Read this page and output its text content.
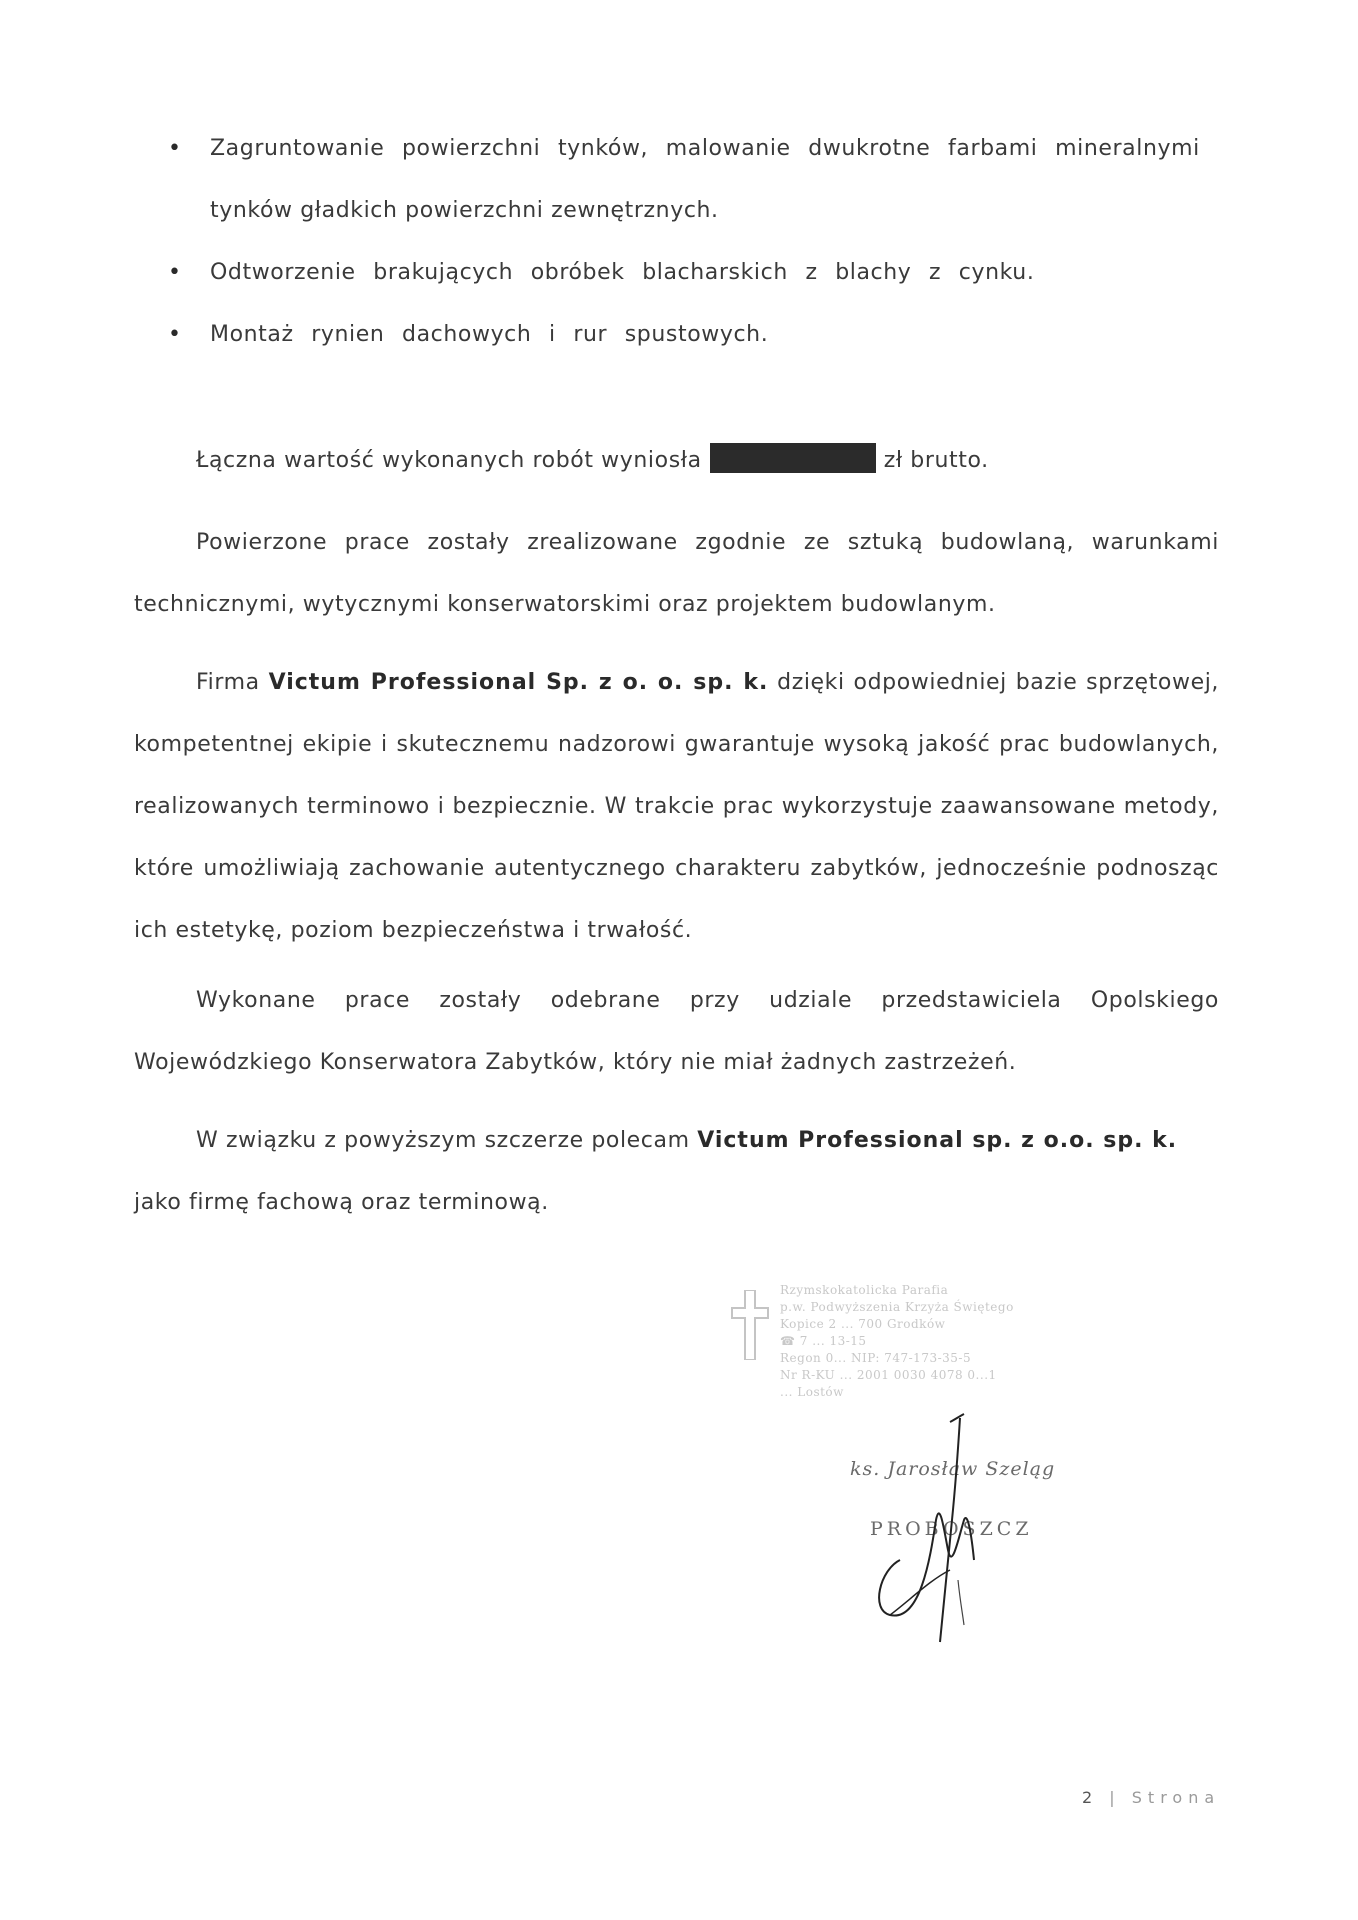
• Zagruntowanie powierzchni tynków, malowanie dwukrotne farbami mineralnymi
tynków gładkich powierzchni zewnętrznych.
• Odtworzenie brakujących obróbek blacharskich z blachy z cynku.
• Montaż rynien dachowych i rur spustowych.

Łączna wartość wykonanych robót wyniosła	zł brutto.

Powierzone prace zostały zrealizowane zgodnie ze sztuką budowlaną, warunkami technicznymi, wytycznymi konserwatorskimi oraz projektem budowlanym.

Firma Victum Professional Sp. z o. o. sp. k. dzięki odpowiedniej bazie sprzętowej, kompetentnej ekipie i skutecznemu nadzorowi gwarantuje wysoką jakość prac budowlanych, realizowanych terminowo i bezpiecznie. W trakcie prac wykorzystuje zaawansowane metody, które umożliwiają zachowanie autentycznego charakteru zabytków, jednocześnie podnosząc ich estetykę, poziom bezpieczeństwa i trwałość.

Wykonane prace zostały odebrane przy udziale przedstawiciela Opolskiego Wojewódzkiego Konserwatora Zabytków, który nie miał żadnych zastrzeżeń.

W związku z powyższym szczerze polecam Victum Professional sp. z o.o. sp. k.
jako firmę fachową oraz terminową.

Rzymskokatolicka Parafia
p.w. Podwyższenia Krzyża Świętego
Kopice 2 ... 700 Grodków
☎ 7 ... 13-15
Regon 0... NIP: 747-173-35-5
Nr R-KU ... 2001 0030 4078 0...1
... Lostów
ks. Jarosław Szeląg
PROBOSZCZ
2 | Strona
